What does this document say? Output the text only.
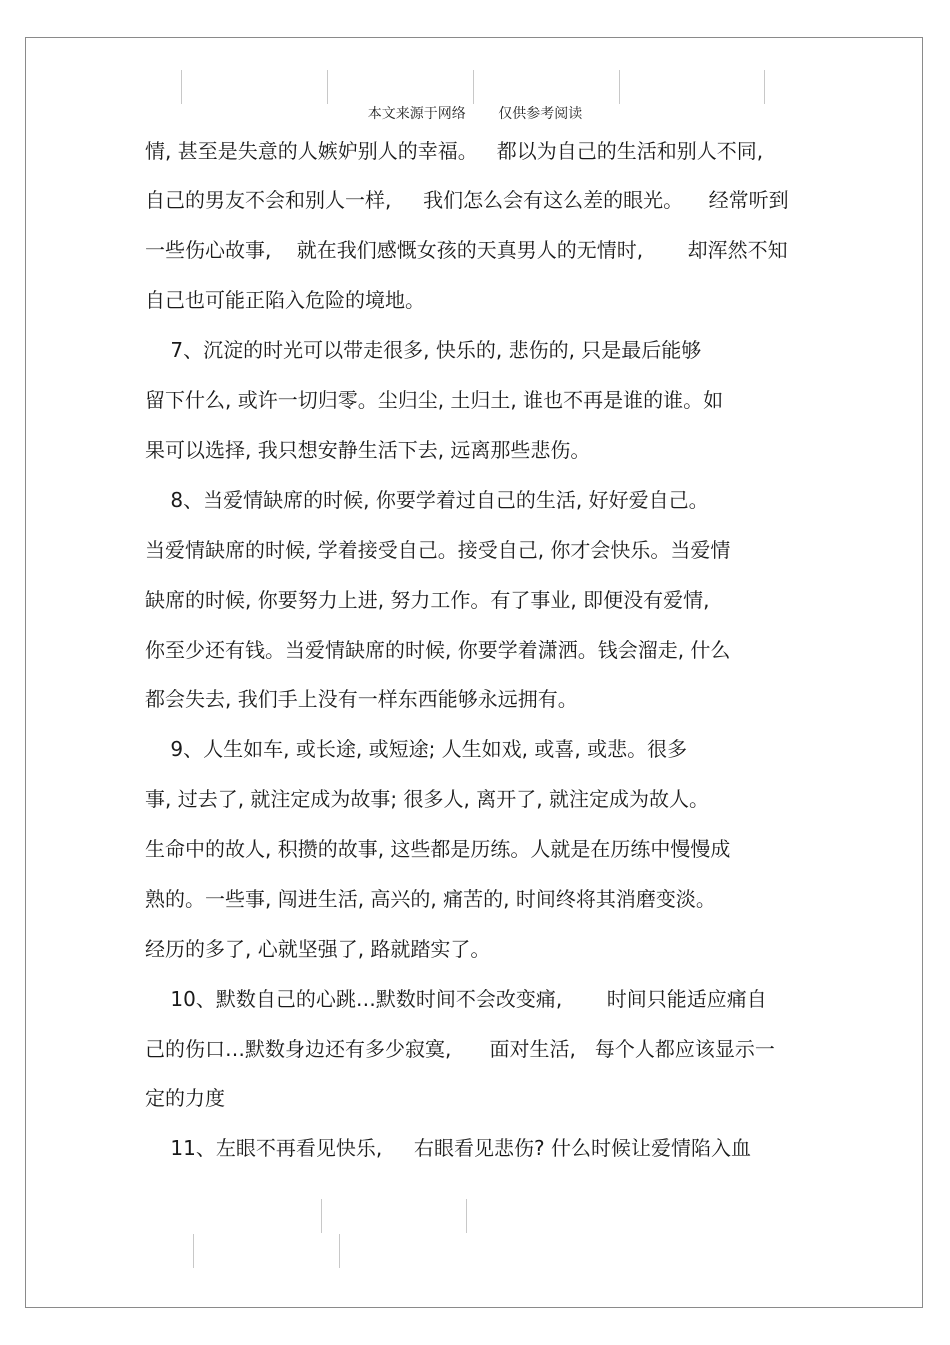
本文来源于网络 仅供参考阅读
情, 甚至是失意的人嫉妒别人的幸福。   都以为自己的生活和别人不同,
自己的男友不会和别人一样,     我们怎么会有这么差的眼光。    经常听到
一些伤心故事,    就在我们感慨女孩的天真男人的无情时,       却浑然不知
自己也可能正陷入危险的境地。
7、沉淀的时光可以带走很多, 快乐的, 悲伤的, 只是最后能够
留下什么, 或许一切归零。尘归尘, 土归土, 谁也不再是谁的谁。如
果可以选择, 我只想安静生活下去, 远离那些悲伤。
8、当爱情缺席的时候, 你要学着过自己的生活, 好好爱自己。
当爱情缺席的时候, 学着接受自己。接受自己, 你才会快乐。当爱情
缺席的时候, 你要努力上进, 努力工作。有了事业, 即便没有爱情,
你至少还有钱。当爱情缺席的时候, 你要学着潇洒。钱会溜走, 什么
都会失去, 我们手上没有一样东西能够永远拥有。
9、人生如车, 或长途, 或短途; 人生如戏, 或喜, 或悲。很多
事, 过去了, 就注定成为故事; 很多人, 离开了, 就注定成为故人。
生命中的故人, 积攒的故事, 这些都是历练。人就是在历练中慢慢成
熟的。一些事, 闯进生活, 高兴的, 痛苦的, 时间终将其消磨变淡。
经历的多了, 心就坚强了, 路就踏实了。
10、默数自己的心跳…默数时间不会改变痛,       时间只能适应痛自
己的伤口…默数身边还有多少寂寞,      面对生活,   每个人都应该显示一
定的力度
11、左眼不再看见快乐,     右眼看见悲伤? 什么时候让爱情陷入血
